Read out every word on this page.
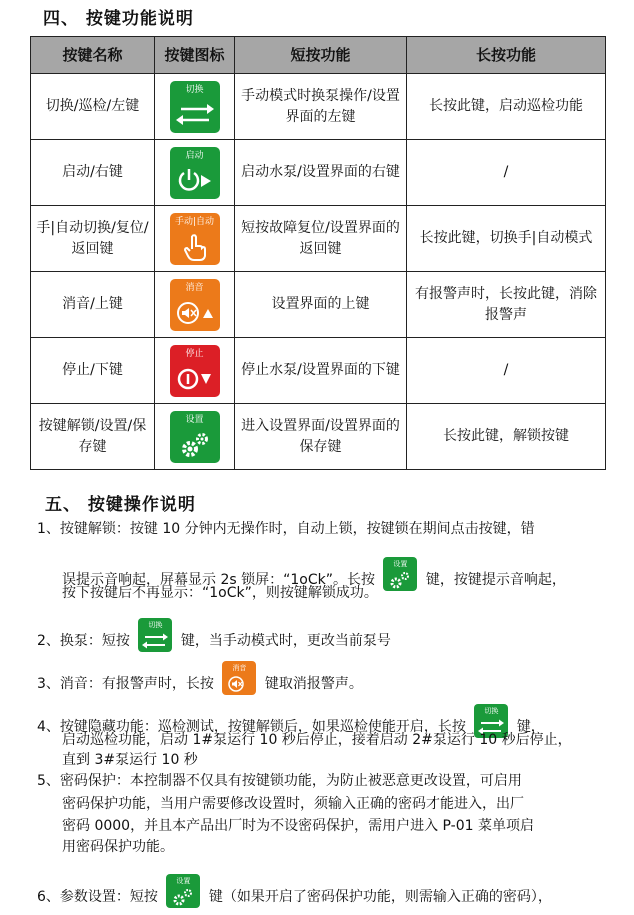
四、 按键功能说明
按键名称	按键图标	短按功能	长按功能
切换/巡检/左键	切换	手动模式时换泵操作/设置界面的左键	长按此键，启动巡检功能
启动/右键	启动	启动水泵/设置界面的右键	/
手|自动切换/复位/返回键	手动|自动	短按故障复位/设置界面的返回键	长按此键，切换手|自动模式
消音/上键	消音	设置界面的上键	有报警声时，长按此键，消除报警声
停止/下键	停止	停止水泵/设置界面的下键	/
按键解锁/设置/保存键	设置	进入设置界面/设置界面的保存键	长按此键，解锁按键
五、 按键操作说明
1、按键解锁：按键 10 分钟内无操作时，自动上锁，按键锁在期间点击按键，错
误提示音响起，屏幕显示 2s 锁屏：“1oCk”。长按
设置
键，按键提示音响起，
按下按键后不再显示：“1oCk”，则按键解锁成功。
2、换泵：短按
切换
键，当手动模式时，更改当前泵号
3、消音：有报警声时，长按
消音
键取消报警声。
4、按键隐藏功能：巡检测试，按键解锁后，如果巡检使能开启，长按
切换
键，
启动巡检功能，启动 1#泵运行 10 秒后停止，接着启动 2#泵运行 10 秒后停止，
直到 3#泵运行 10 秒
5、密码保护：本控制器不仅具有按键锁功能，为防止被恶意更改设置，可启用
密码保护功能，当用户需要修改设置时，须输入正确的密码才能进入，出厂
密码 0000，并且本产品出厂时为不设密码保护，需用户进入 P-01 菜单项启
用密码保护功能。
6、参数设置：短按
设置
键（如果开启了密码保护功能，则需输入正确的密码），
